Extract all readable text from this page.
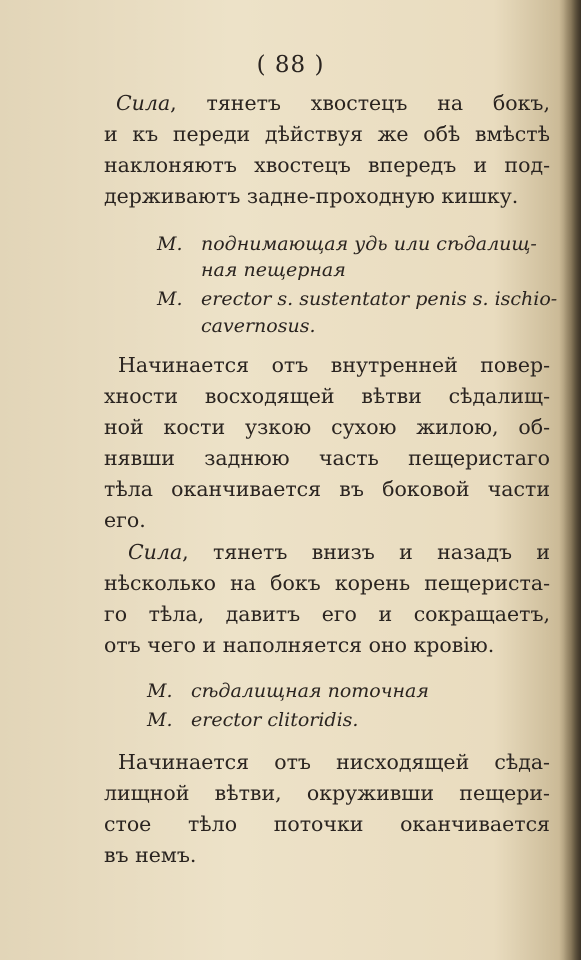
( 88 )
Сила, тянетъ хвостецъ на бокъ,
и къ переди дѣйствуя же обѣ вмѣстѣ
наклоняютъ хвостецъ впередъ и под-
держиваютъ задне-проходную кишку.
M. поднимающая удь или сѣдалищ-
ная пещерная
M. erector s. sustentator penis s. ischio-
cavernosus.
Начинается отъ внутренней повер-
хности восходящей вѣтви сѣдалищ-
ной кости узкою сухою жилою, об-
нявши заднюю часть пещеристаго
тѣла оканчивается въ боковой части
его.
Сила, тянетъ внизъ и назадъ и
нѣсколько на бокъ корень пещериста-
го тѣла, давитъ его и сокращаетъ,
отъ чего и наполняется оно кровію.
M. сѣдалищная поточная
M. erector clitoridis.
Начинается отъ нисходящей сѣда-
лищной вѣтви, окруживши пещери-
стое тѣло поточки оканчивается
въ немъ.
